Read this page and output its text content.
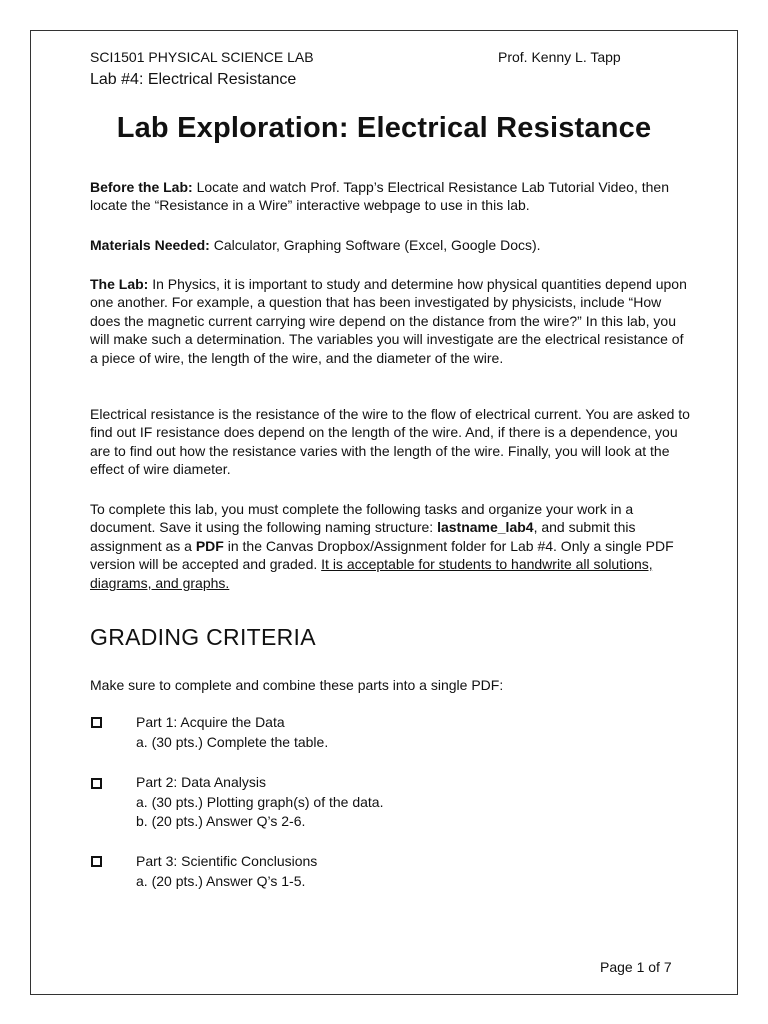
SCI1501 PHYSICAL SCIENCE LAB	Prof. Kenny L. Tapp
Lab #4: Electrical Resistance
Lab Exploration: Electrical Resistance
Before the Lab: Locate and watch Prof. Tapp’s Electrical Resistance Lab Tutorial Video, then locate the “Resistance in a Wire” interactive webpage to use in this lab.
Materials Needed: Calculator, Graphing Software (Excel, Google Docs).
The Lab: In Physics, it is important to study and determine how physical quantities depend upon one another. For example, a question that has been investigated by physicists, include “How does the magnetic current carrying wire depend on the distance from the wire?” In this lab, you will make such a determination. The variables you will investigate are the electrical resistance of a piece of wire, the length of the wire, and the diameter of the wire.
Electrical resistance is the resistance of the wire to the flow of electrical current. You are asked to find out IF resistance does depend on the length of the wire. And, if there is a dependence, you are to find out how the resistance varies with the length of the wire. Finally, you will look at the effect of wire diameter.
To complete this lab, you must complete the following tasks and organize your work in a document. Save it using the following naming structure: lastname_lab4, and submit this assignment as a PDF in the Canvas Dropbox/Assignment folder for Lab #4. Only a single PDF version will be accepted and graded. It is acceptable for students to handwrite all solutions, diagrams, and graphs.
GRADING CRITERIA
Make sure to complete and combine these parts into a single PDF:
Part 1: Acquire the Data
a. (30 pts.) Complete the table.
Part 2: Data Analysis
a. (30 pts.) Plotting graph(s) of the data.
b. (20 pts.) Answer Q’s 2-6.
Part 3: Scientific Conclusions
a. (20 pts.) Answer Q’s 1-5.
Page 1 of 7
